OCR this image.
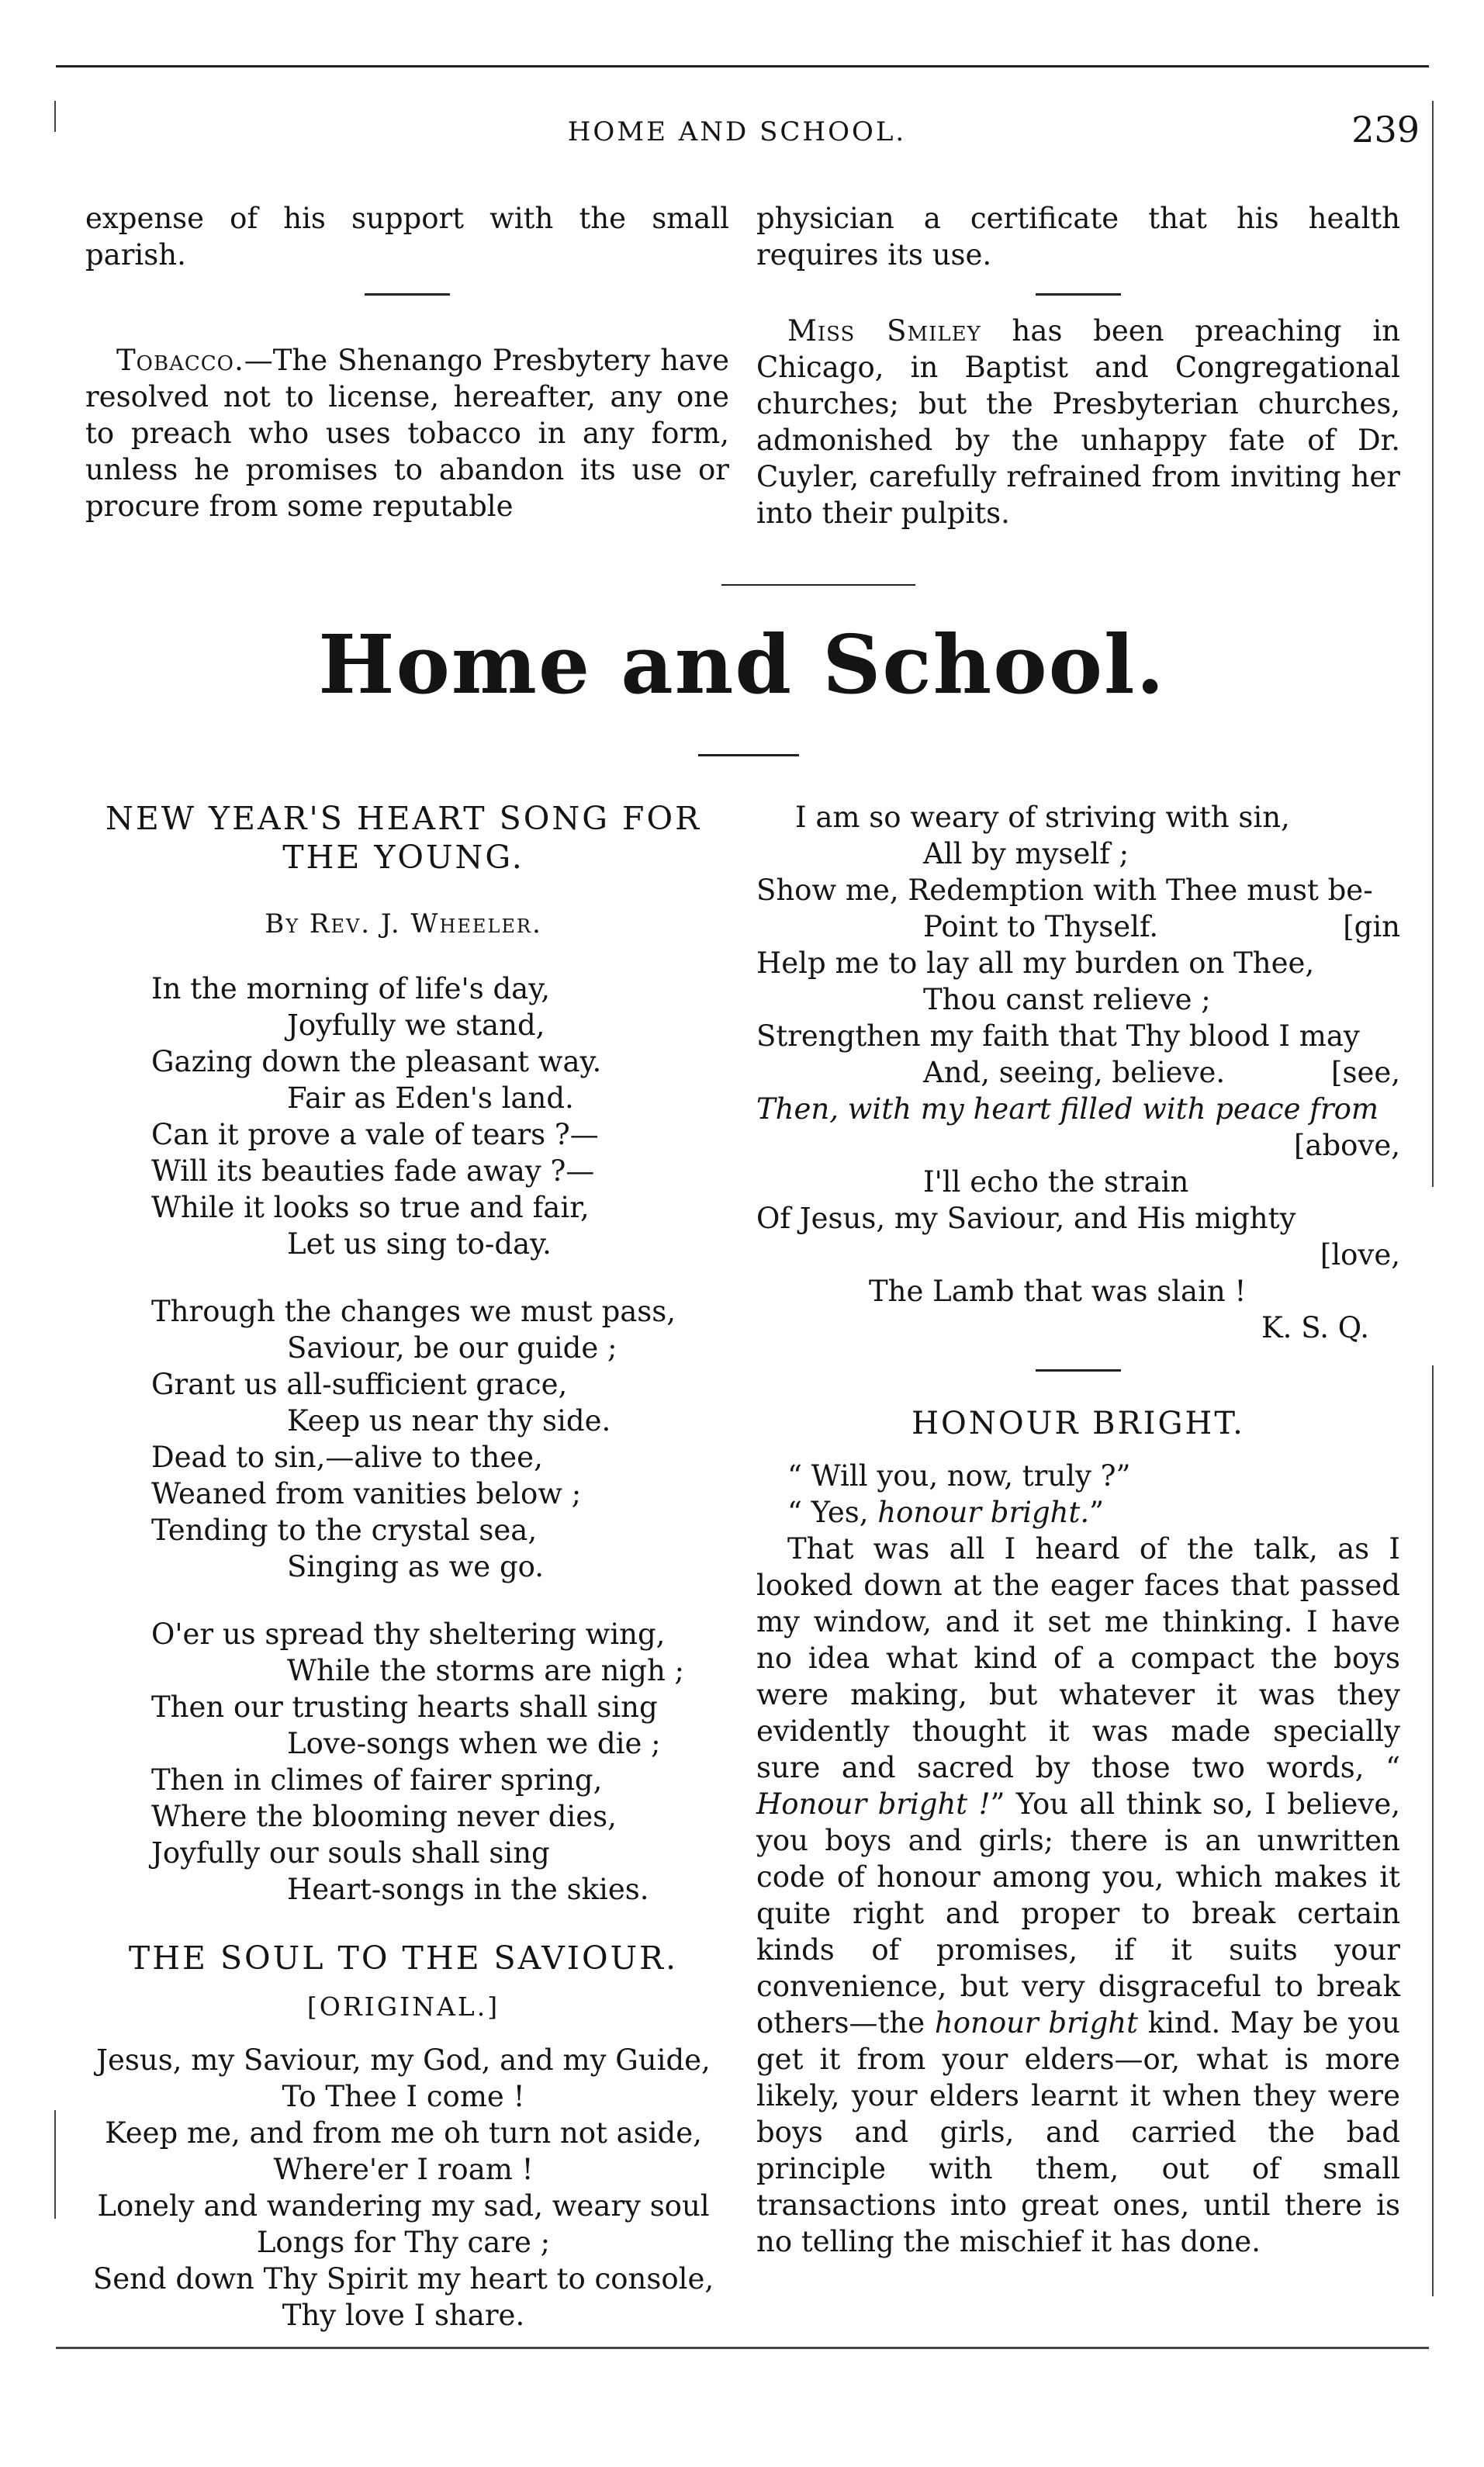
HOME AND SCHOOL.	239

expense of his support with the small parish.

Tobacco.—The Shenango Presbytery have resolved not to license, hereafter, any one to preach who uses tobacco in any form, unless he promises to abandon its use or procure from some reputable

physician a certificate that his health requires its use.

Miss Smiley has been preaching in Chicago, in Baptist and Congregational churches; but the Presbyterian churches, admonished by the unhappy fate of Dr. Cuyler, carefully refrained from inviting her into their pulpits.

Home and School.
NEW YEAR'S HEART SONG FOR
THE YOUNG.
By Rev. J. Wheeler.
In the morning of life's day,
Joyfully we stand,
Gazing down the pleasant way.
Fair as Eden's land.
Can it prove a vale of tears ?—
Will its beauties fade away ?—
While it looks so true and fair,
Let us sing to-day.
Through the changes we must pass,
Saviour, be our guide ;
Grant us all-sufficient grace,
Keep us near thy side.
Dead to sin,—alive to thee,
Weaned from vanities below ;
Tending to the crystal sea,
Singing as we go.
O'er us spread thy sheltering wing,
While the storms are nigh ;
Then our trusting hearts shall sing
Love-songs when we die ;
Then in climes of fairer spring,
Where the blooming never dies,
Joyfully our souls shall sing
Heart-songs in the skies.
THE SOUL TO THE SAVIOUR.
[ORIGINAL.]
Jesus, my Saviour, my God, and my Guide,
To Thee I come !
Keep me, and from me oh turn not aside,
Where'er I roam !
Lonely and wandering my sad, weary soul
Longs for Thy care ;
Send down Thy Spirit my heart to console,
Thy love I share.
I am so weary of striving with sin,
All by myself ;
Show me, Redemption with Thee must be-
Point to Thyself.	[gin
Help me to lay all my burden on Thee,
Thou canst relieve ;
Strengthen my faith that Thy blood I may
And, seeing, believe.	[see,
Then, with my heart filled with peace from
[above,
I'll echo the strain
Of Jesus, my Saviour, and His mighty
[love,
The Lamb that was slain !
K. S. Q.
HONOUR BRIGHT.

“ Will you, now, truly ?”

“ Yes, honour bright.”

That was all I heard of the talk, as I looked down at the eager faces that passed my window, and it set me thinking. I have no idea what kind of a compact the boys were making, but whatever it was they evidently thought it was made specially sure and sacred by those two words, “ Honour bright !” You all think so, I believe, you boys and girls; there is an unwritten code of honour among you, which makes it quite right and proper to break certain kinds of promises, if it suits your convenience, but very disgraceful to break others—the honour bright kind. May be you get it from your elders—or, what is more likely, your elders learnt it when they were boys and girls, and carried the bad principle with them, out of small transactions into great ones, until there is no telling the mischief it has done.
